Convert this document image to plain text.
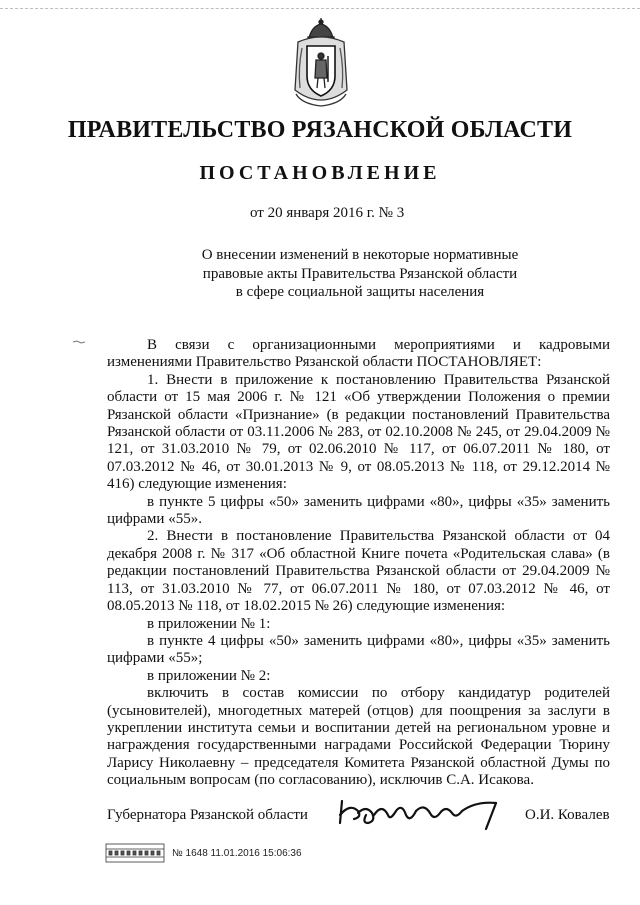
ПРАВИТЕЛЬСТВО РЯЗАНСКОЙ ОБЛАСТИ
ПОСТАНОВЛЕНИЕ
от 20 января 2016 г. № 3
О внесении изменений в некоторые нормативные
правовые акты Правительства Рязанской области
в сфере социальной защиты населения
В связи с организационными мероприятиями и кадровыми изменениями Правительство Рязанской области ПОСТАНОВЛЯЕТ:
1. Внести в приложение к постановлению Правительства Рязанской области от 15 мая 2006 г. № 121 «Об утверждении Положения о премии Рязанской области «Признание» (в редакции постановлений Правительства Рязанской области от 03.11.2006 № 283, от 02.10.2008 № 245, от 29.04.2009 № 121, от 31.03.2010 № 79, от 02.06.2010 № 117, от 06.07.2011 № 180, от 07.03.2012 № 46, от 30.01.2013 № 9, от 08.05.2013 № 118, от 29.12.2014 № 416) следующие изменения:
в пункте 5 цифры «50» заменить цифрами «80», цифры «35» заменить цифрами «55».
2. Внести в постановление Правительства Рязанской области от 04 декабря 2008 г. № 317 «Об областной Книге почета «Родительская слава» (в редакции постановлений Правительства Рязанской области от 29.04.2009 № 113, от 31.03.2010 № 77, от 06.07.2011 № 180, от 07.03.2012 № 46, от 08.05.2013 № 118, от 18.02.2015 № 26) следующие изменения:
в приложении № 1:
в пункте 4 цифры «50» заменить цифрами «80», цифры «35» заменить цифрами «55»;
в приложении № 2:
включить в состав комиссии по отбору кандидатур родителей (усыновителей), многодетных матерей (отцов) для поощрения за заслуги в укреплении института семьи и воспитании детей на региональном уровне и награждения государственными наградами Российской Федерации Тюрину Ларису Николаевну – председателя Комитета Рязанской областной Думы по социальным вопросам (по согласованию), исключив С.А. Исакова.
Губернатора Рязанской области	О.И. Ковалев
№ 1648 11.01.2016 15:06:36
